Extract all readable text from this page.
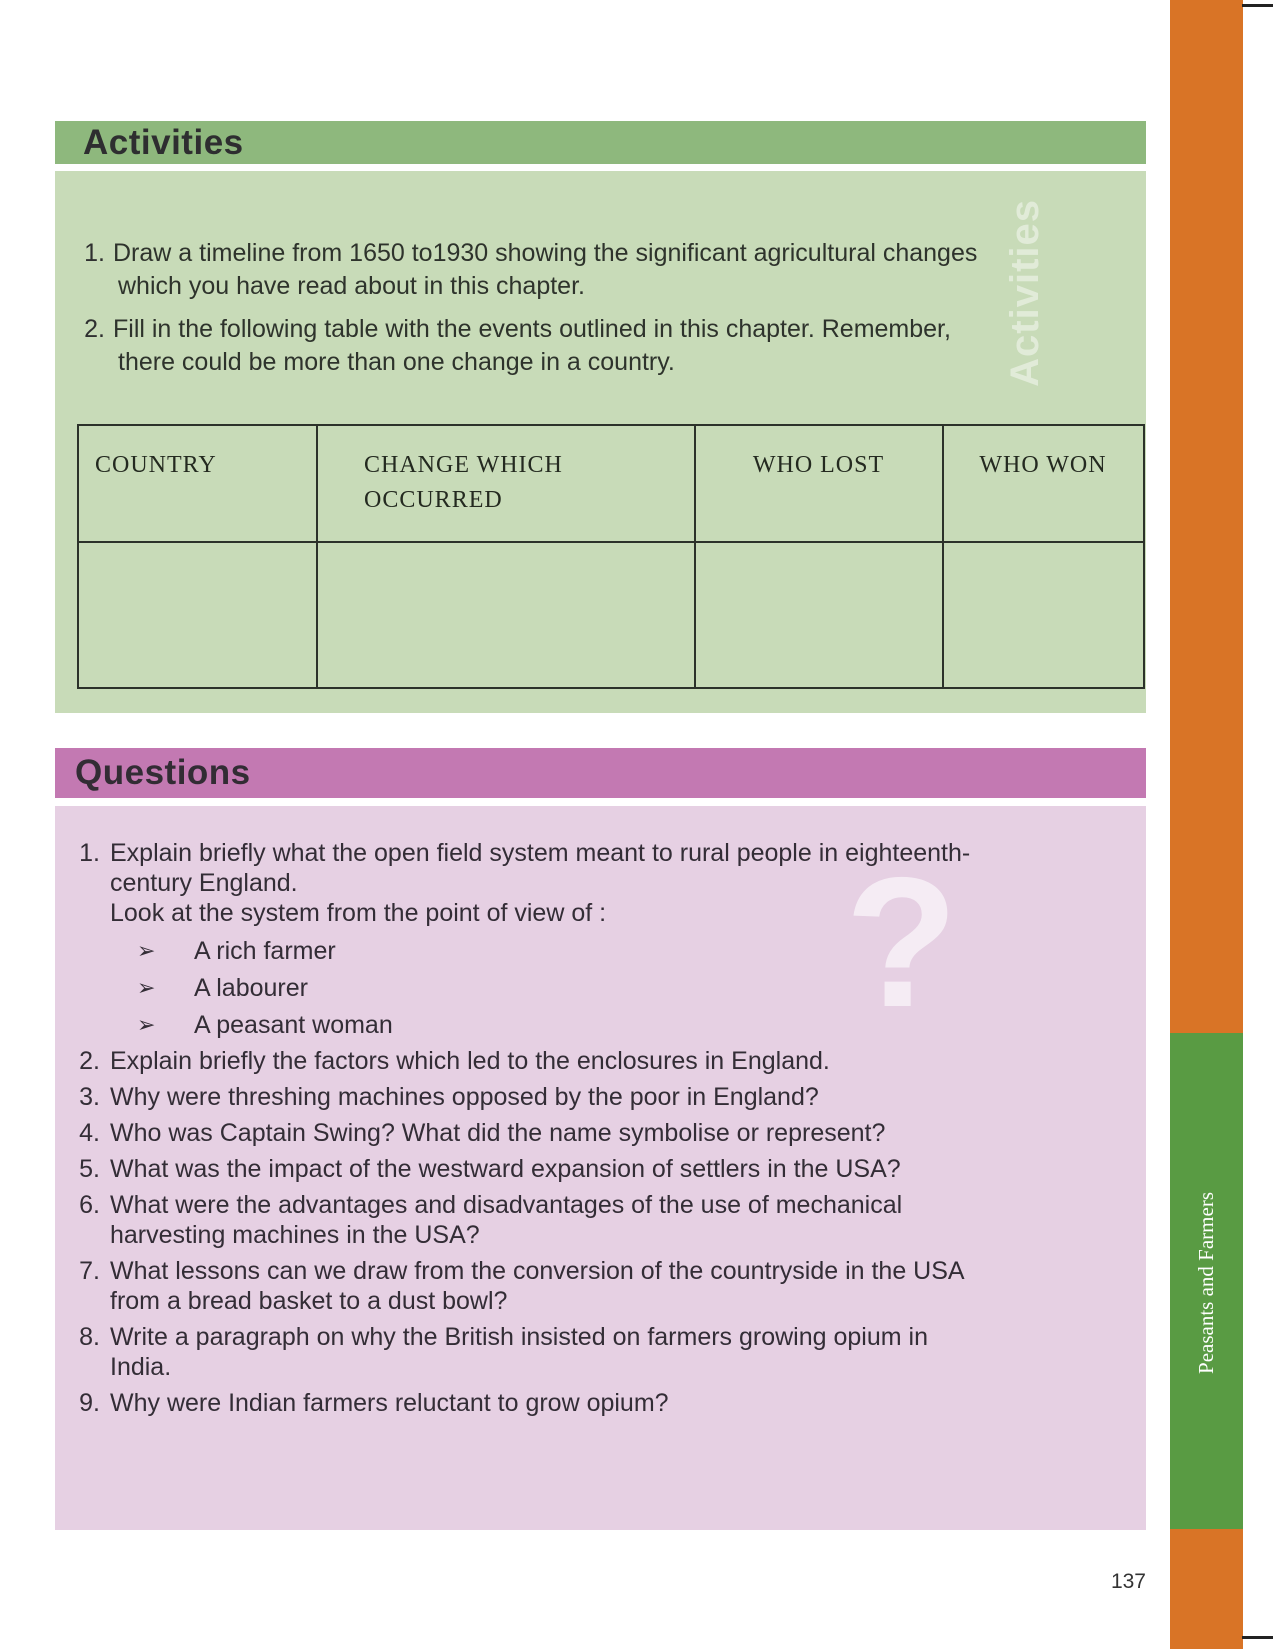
Activities
Activities
1. Draw a timeline from 1650 to1930 showing the significant agricultural changes
which you have read about in this chapter.
2. Fill in the following table with the events outlined in this chapter. Remember,
there could be more than one change in a country.
COUNTRY	CHANGE WHICH OCCURRED	WHO LOST	WHO WON

Questions
?
1. Explain briefly what the open field system meant to rural people in eighteenth-
century England.
Look at the system from the point of view of :
➢	A rich farmer
➢	A labourer
➢	A peasant woman
2. Explain briefly the factors which led to the enclosures in England.
3. Why were threshing machines opposed by the poor in England?
4. Who was Captain Swing? What did the name symbolise or represent?
5. What was the impact of the westward expansion of settlers in the USA?
6. What were the advantages and disadvantages of the use of mechanical
harvesting machines in the USA?
7. What lessons can we draw from the conversion of the countryside in the USA
from a bread basket to a dust bowl?
8. Write a paragraph on why the British insisted on farmers growing opium in
India.
9. Why were Indian farmers reluctant to grow opium?
Peasants and Farmers
137
